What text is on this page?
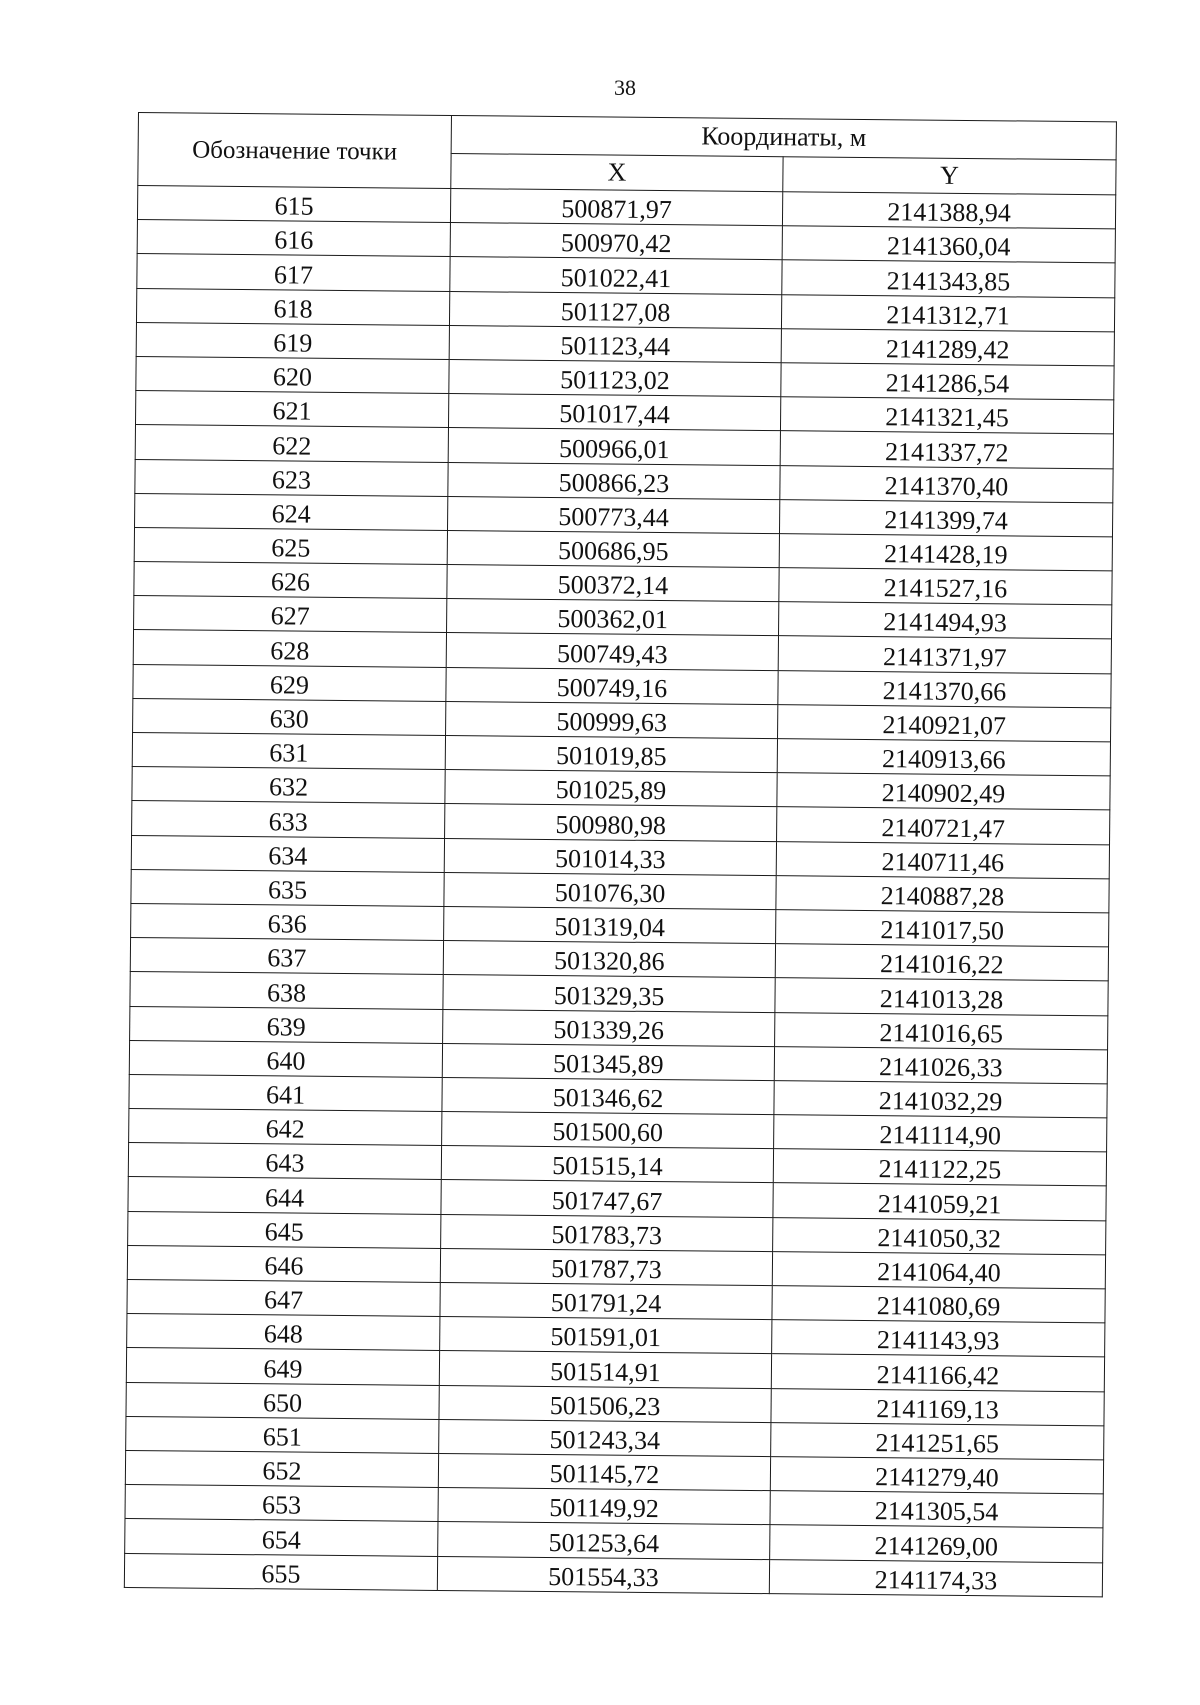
38
Обозначение точки	Координаты, м	
	X	Y
615	500871,97	2141388,94
616	500970,42	2141360,04
617	501022,41	2141343,85
618	501127,08	2141312,71
619	501123,44	2141289,42
620	501123,02	2141286,54
621	501017,44	2141321,45
622	500966,01	2141337,72
623	500866,23	2141370,40
624	500773,44	2141399,74
625	500686,95	2141428,19
626	500372,14	2141527,16
627	500362,01	2141494,93
628	500749,43	2141371,97
629	500749,16	2141370,66
630	500999,63	2140921,07
631	501019,85	2140913,66
632	501025,89	2140902,49
633	500980,98	2140721,47
634	501014,33	2140711,46
635	501076,30	2140887,28
636	501319,04	2141017,50
637	501320,86	2141016,22
638	501329,35	2141013,28
639	501339,26	2141016,65
640	501345,89	2141026,33
641	501346,62	2141032,29
642	501500,60	2141114,90
643	501515,14	2141122,25
644	501747,67	2141059,21
645	501783,73	2141050,32
646	501787,73	2141064,40
647	501791,24	2141080,69
648	501591,01	2141143,93
649	501514,91	2141166,42
650	501506,23	2141169,13
651	501243,34	2141251,65
652	501145,72	2141279,40
653	501149,92	2141305,54
654	501253,64	2141269,00
655	501554,33	2141174,33
